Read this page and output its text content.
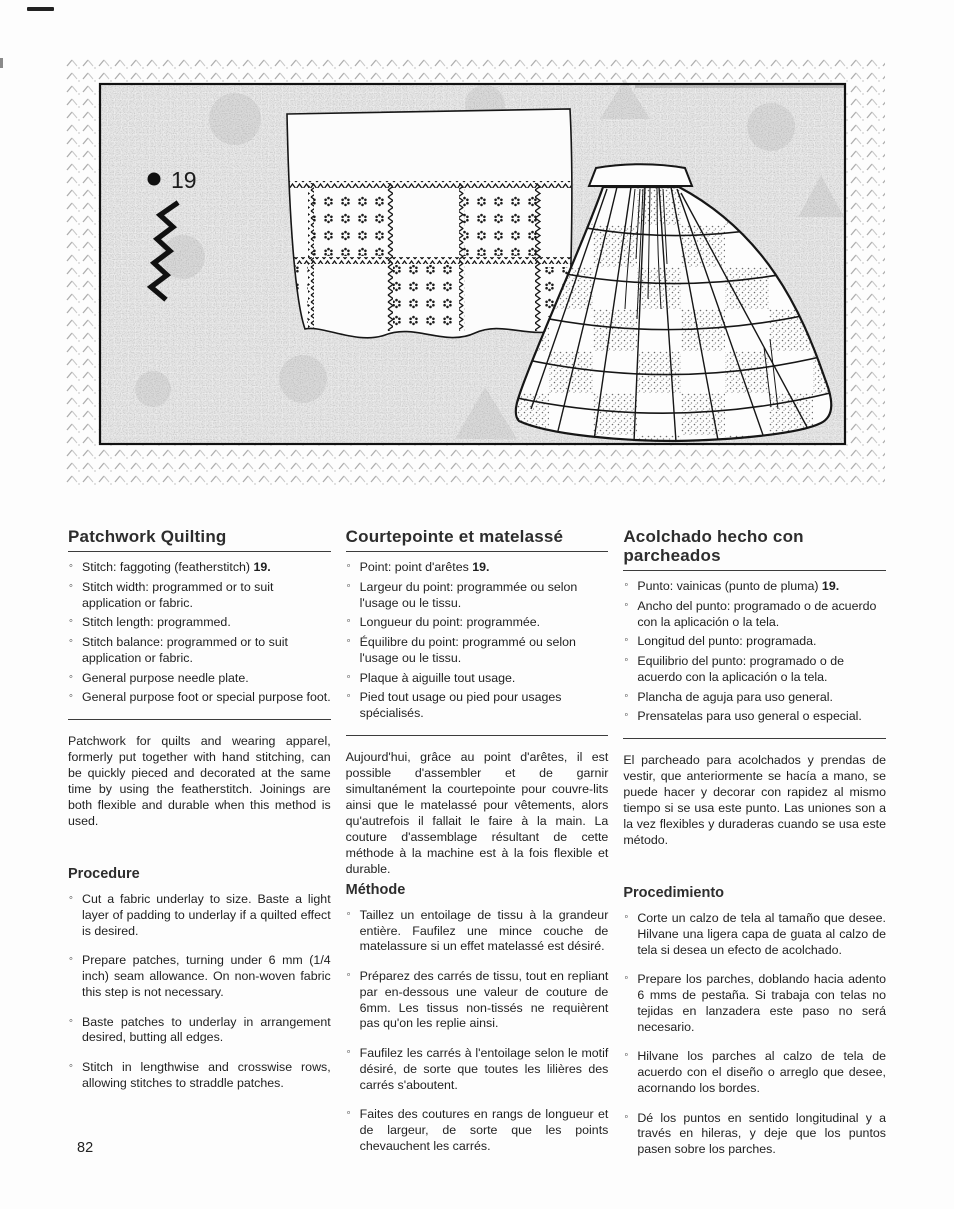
19
Patchwork Quilting
◦ Stitch: faggoting (featherstitch) 19.
◦ Stitch width: programmed or to suit application or fabric.
◦ Stitch length: programmed.
◦ Stitch balance: programmed or to suit application or fabric.
◦ General purpose needle plate.
◦ General purpose foot or special purpose foot.

Patchwork for quilts and wearing apparel, formerly put together with hand stitching, can be quickly pieced and decorated at the same time by using the featherstitch. Joinings are both flexible and durable when this method is used.

Procedure
◦ Cut a fabric underlay to size. Baste a light layer of padding to underlay if a quilted effect is desired.
◦ Prepare patches, turning under 6 mm (1/4 inch) seam allowance. On non-woven fabric this step is not necessary.
◦ Baste patches to underlay in arrangement desired, butting all edges.
◦ Stitch in lengthwise and crosswise rows, allowing stitches to straddle patches.
Courtepointe et matelassé
◦ Point: point d'arêtes 19.
◦ Largeur du point: programmée ou selon l'usage ou le tissu.
◦ Longueur du point: programmée.
◦ Équilibre du point: programmé ou selon l'usage ou le tissu.
◦ Plaque à aiguille tout usage.
◦ Pied tout usage ou pied pour usages spécialisés.

Aujourd'hui, grâce au point d'arêtes, il est possible d'assembler et de garnir simultanément la courtepointe pour couvre-lits ainsi que le matelassé pour vêtements, alors qu'autrefois il fallait le faire à la main. La couture d'assemblage résultant de cette méthode à la machine est à la fois flexible et durable.

Méthode
◦ Taillez un entoilage de tissu à la grandeur entière. Faufilez une mince couche de matelassure si un effet matelassé est désiré.
◦ Préparez des carrés de tissu, tout en repliant par en-dessous une valeur de couture de 6mm. Les tissus non-tissés ne requièrent pas qu'on les replie ainsi.
◦ Faufilez les carrés à l'entoilage selon le motif désiré, de sorte que toutes les lilières des carrés s'aboutent.
◦ Faites des coutures en rangs de longueur et de largeur, de sorte que les points chevauchent les carrés.
Acolchado hecho con parcheados
◦ Punto: vainicas (punto de pluma) 19.
◦ Ancho del punto: programado o de acuerdo con la aplicación o la tela.
◦ Longitud del punto: programada.
◦ Equilibrio del punto: programado o de acuerdo con la aplicación o la tela.
◦ Plancha de aguja para uso general.
◦ Prensatelas para uso general o especial.

El parcheado para acolchados y prendas de vestir, que anteriormente se hacía a mano, se puede hacer y decorar con rapidez al mismo tiempo si se usa este punto. Las uniones son a la vez flexibles y duraderas cuando se usa este método.

Procedimiento
◦ Corte un calzo de tela al tamaño que desee. Hilvane una ligera capa de guata al calzo de tela si desea un efecto de acolchado.
◦ Prepare los parches, doblando hacia adento 6 mms de pestaña. Si trabaja con telas no tejidas en lanzadera este paso no será necesario.
◦ Hilvane los parches al calzo de tela de acuerdo con el diseño o arreglo que desee, acornando los bordes.
◦ Dé los puntos en sentido longitudinal y a través en hileras, y deje que los puntos pasen sobre los parches.
82
